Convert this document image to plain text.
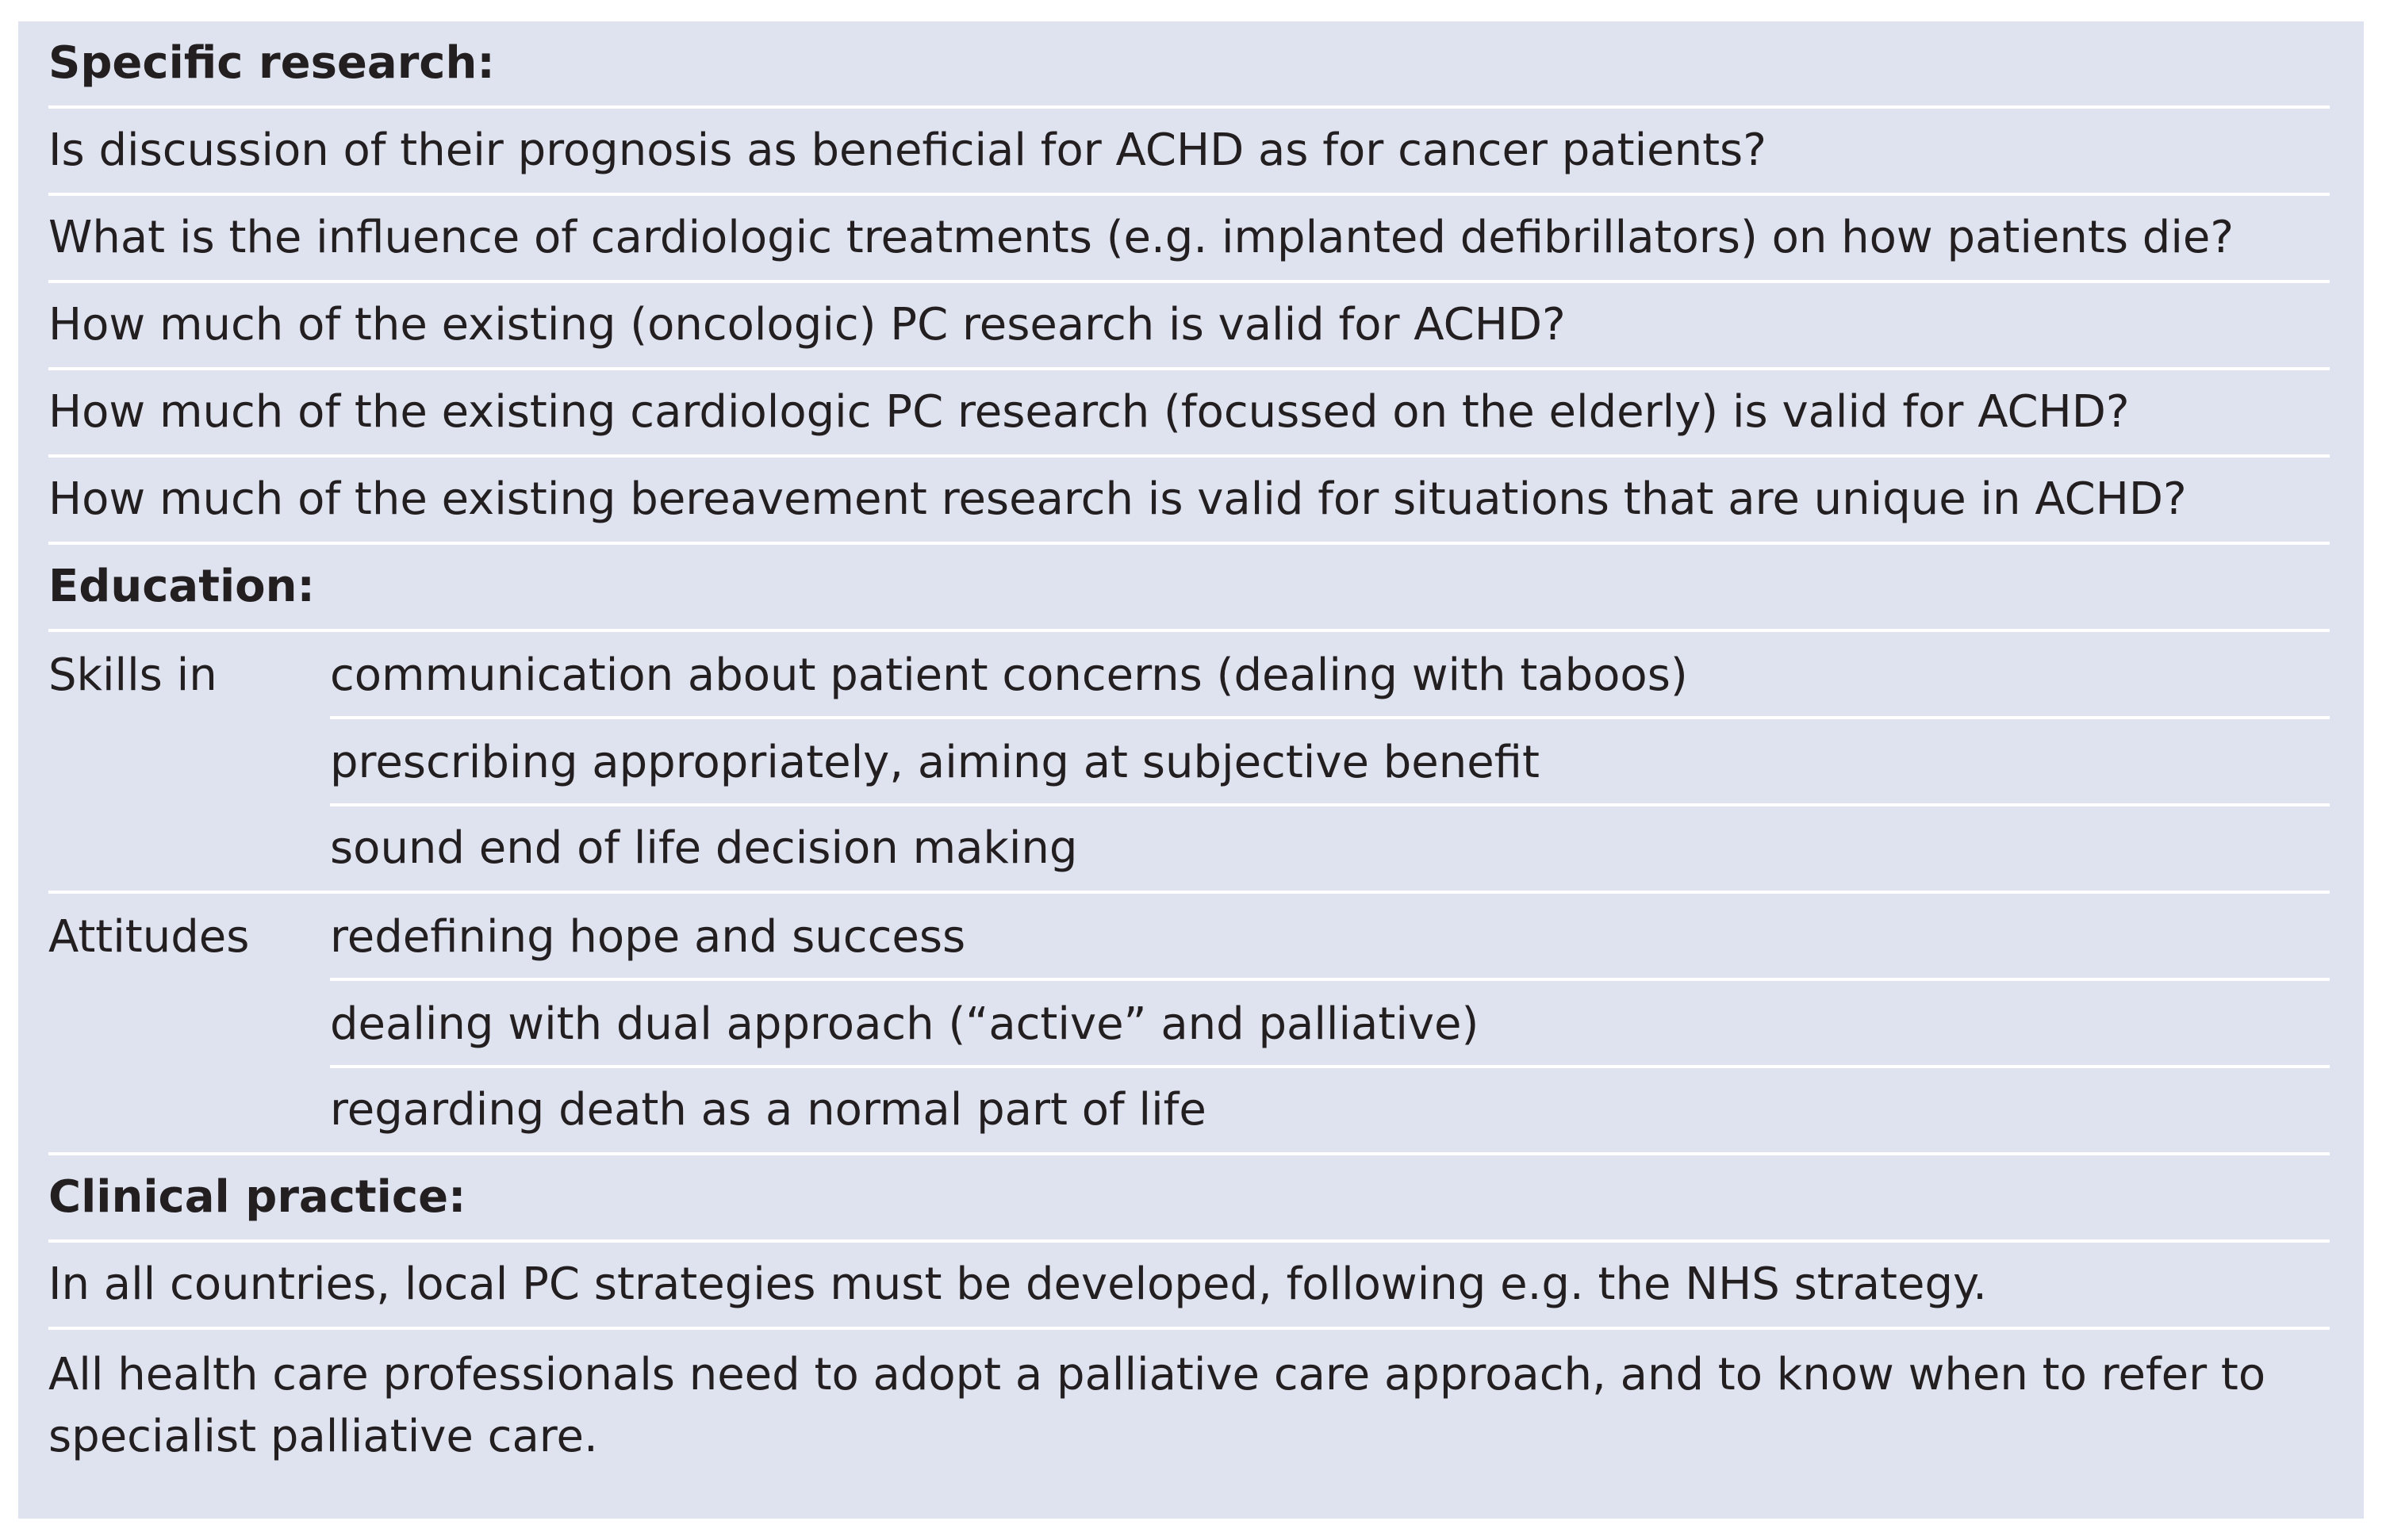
Specific research:
Is discussion of their prognosis as beneficial for ACHD as for cancer patients?
What is the influence of cardiologic treatments (e.g. implanted defibrillators) on how patients die?
How much of the existing (oncologic) PC research is valid for ACHD?
How much of the existing cardiologic PC research (focussed on the elderly) is valid for ACHD?
How much of the existing bereavement research is valid for situations that are unique in ACHD?
Education:
Skills in	communication about patient concerns (dealing with taboos)
prescribing appropriately, aiming at subjective benefit
sound end of life decision making
Attitudes	redefining hope and success
dealing with dual approach (“active” and palliative)
regarding death as a normal part of life
Clinical practice:
In all countries, local PC strategies must be developed, following e.g. the NHS strategy.
All health care professionals need to adopt a palliative care approach, and to know when to refer to specialist palliative care.
